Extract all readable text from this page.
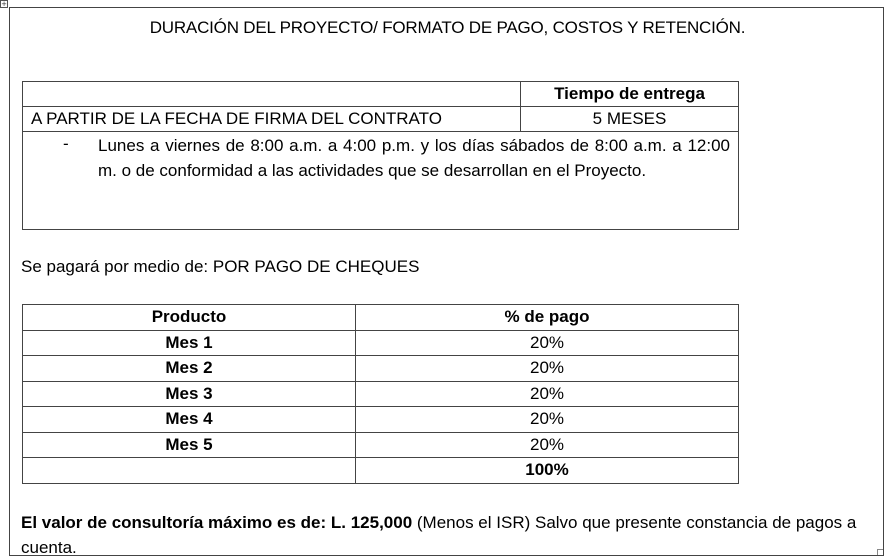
+
DURACIÓN DEL PROYECTO/ FORMATO DE PAGO, COSTOS Y RETENCIÓN.
	Tiempo de entrega
A PARTIR DE LA FECHA DE FIRMA DEL CONTRATO	5 MESES

- Lunes a viernes de 8:00 a.m. a 4:00 p.m. y los días sábados de 8:00 a.m. a 12:00 m. o de conformidad a las actividades que se desarrollan en el Proyecto.	
Se pagará por medio de: POR PAGO DE CHEQUES
Producto	% de pago
Mes 1	20%
Mes 2	20%
Mes 3	20%
Mes 4	20%
Mes 5	20%
	100%
El valor de consultoría máximo es de: L. 125,000 (Menos el ISR) Salvo que presente constancia de pagos a cuenta.
